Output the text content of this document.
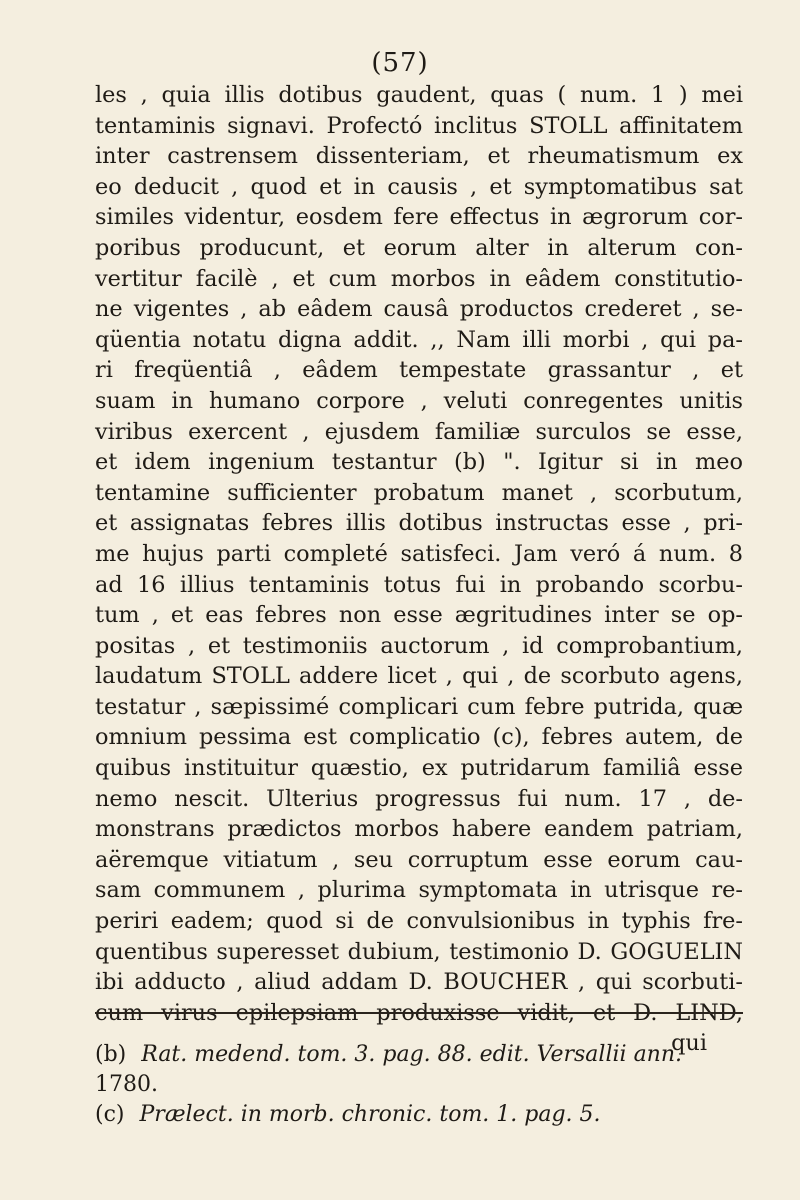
(57)
les , quia illis dotibus gaudent, quas ( num. 1 ) mei
tentaminis signavi. Profectó inclitus STOLL affinitatem
inter castrensem dissenteriam, et rheumatismum ex
eo deducit , quod et in causis , et symptomatibus sat
similes videntur, eosdem fere effectus in ægrorum cor-
poribus producunt, et eorum alter in alterum con-
vertitur facilè , et cum morbos in eâdem constitutio-
ne vigentes , ab eâdem causâ productos crederet , se-
qüentia notatu digna addit. ,, Nam illi morbi , qui pa-
ri freqüentiâ , eâdem tempestate grassantur , et
suam in humano corpore , veluti conregentes unitis
viribus exercent , ejusdem familiæ surculos se esse,
et idem ingenium testantur (b) ". Igitur si in meo
tentamine sufficienter probatum manet , scorbutum,
et assignatas febres illis dotibus instructas esse , pri-
me hujus parti completé satisfeci. Jam veró á num. 8
ad 16 illius tentaminis totus fui in probando scorbu-
tum , et eas febres non esse ægritudines inter se op-
positas , et testimoniis auctorum , id comprobantium,
laudatum STOLL addere licet , qui , de scorbuto agens,
testatur , sæpissimé complicari cum febre putrida, quæ
omnium pessima est complicatio (c), febres autem, de
quibus instituitur quæstio, ex putridarum familiâ esse
nemo nescit. Ulterius progressus fui num. 17 , de-
monstrans prædictos morbos habere eandem patriam,
aëremque vitiatum , seu corruptum esse eorum cau-
sam communem , plurima symptomata in utrisque re-
periri eadem; quod si de convulsionibus in typhis fre-
quentibus superesset dubium, testimonio D. GOGUELIN
ibi adducto , aliud addam D. BOUCHER , qui scorbuti-
cum virus epilepsiam produxisse vidit, et D. LIND,
qui
(b) Rat. medend. tom. 3. pag. 88. edit. Versallii ann.
1780.
(c) Prælect. in morb. chronic. tom. 1. pag. 5.
